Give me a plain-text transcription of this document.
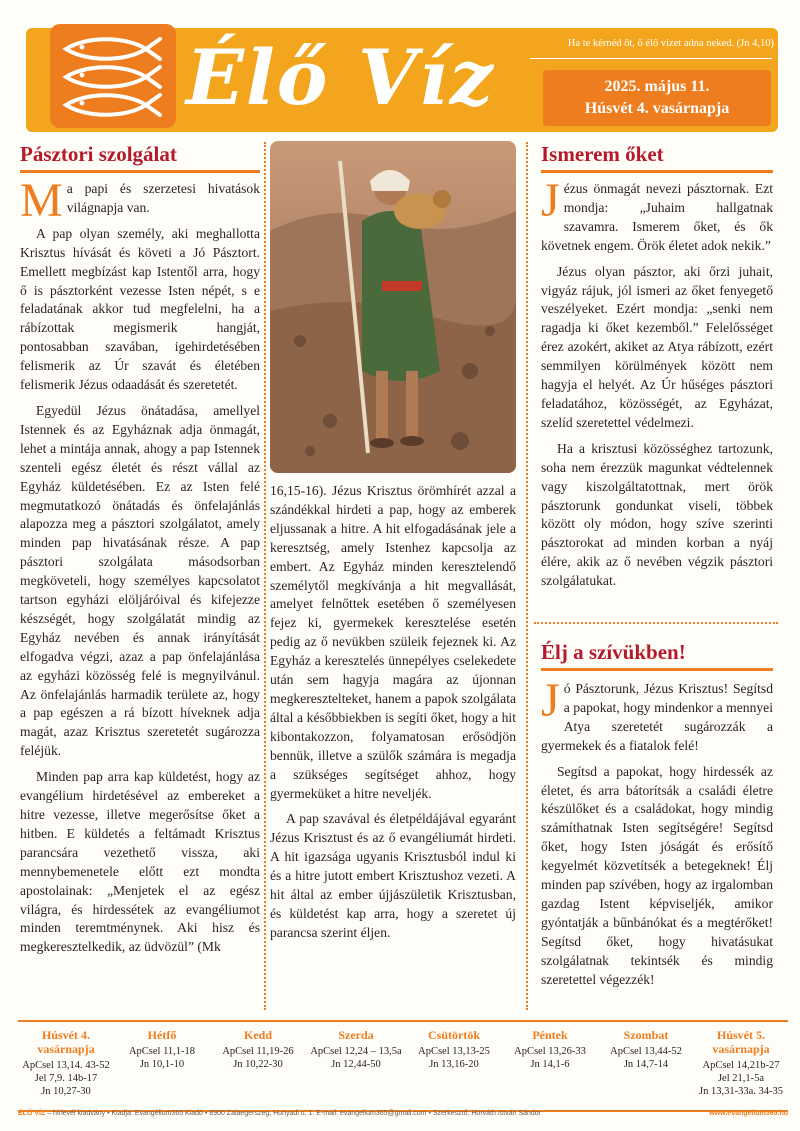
Élő Víz	Ha te kérnéd őt, ő élő vizet adna neked. (Jn 4,10)
2025. május 11.
Húsvét 4. vasárnapja
Pásztori szolgálat

Ma papi és szerzetesi hivatások világnapja van.

A pap olyan személy, aki meghallotta Krisztus hívását és követi a Jó Pásztort. Emellett megbízást kap Istentől arra, hogy ő is pásztorként vezesse Isten népét, s e feladatának akkor tud megfelelni, ha a rábízottak megismerik hangját, pontosabban szavában, igehirdetésében felismerik az Úr szavát és életében felismerik Jézus odaadását és szeretetét.

Egyedül Jézus önátadása, amellyel Istennek és az Egyháznak adja önmagát, lehet a mintája annak, ahogy a pap Istennek szenteli egész életét és részt vállal az Egyház küldetésében. Ez az Isten felé megmutatkozó önátadás és önfelajánlás alapozza meg a pásztori szolgálatot, amely minden pap hivatásának része. A pap pásztori szolgálata másodsorban megköveteli, hogy személyes kapcsolatot tartson egyházi elöljáróival és kifejezze készségét, hogy szolgálatát mindig az Egyház nevében és annak irányítását elfogadva végzi, azaz a pap önfelajánlása az egyházi közösség felé is megnyilvánul. Az önfelajánlás harmadik területe az, hogy a pap egészen a rá bízott híveknek adja magát, azaz Krisztus szeretetét sugározza feléjük.

Minden pap arra kap küldetést, hogy az evangélium hirdetésével az embereket a hitre vezesse, illetve megerősítse őket a hitben. E küldetés a feltámadt Krisztus parancsára vezethető vissza, aki mennybemenetele előtt ezt mondta apostolainak: „Menjetek el az egész világra, és hirdessétek az evangéliumot minden teremtménynek. Aki hisz és megkeresztelkedik, az üdvözül” (Mk

16,15-16). Jézus Krisztus örömhírét azzal a szándékkal hirdeti a pap, hogy az emberek eljussanak a hitre. A hit elfogadásának jele a keresztség, amely Istenhez kapcsolja az embert. Az Egyház minden keresztelendő személytől megkívánja a hit megvallását, amelyet felnőttek esetében ő személyesen fejez ki, gyermekek keresztelése esetén pedig az ő nevükben szüleik fejeznek ki. Az Egyház a keresztelés ünnepélyes cselekedete után sem hagyja magára az újonnan megkeresztelteket, hanem a papok szolgálata által a későbbiekben is segíti őket, hogy a hit kibontakozzon, folyamatosan erősödjön bennük, illetve a szülők számára is megadja a szükséges segítséget ahhoz, hogy gyermeküket a hitre neveljék.

A pap szavával és életpéldájával egyaránt Jézus Krisztust és az ő evangéliumát hirdeti. A hit igazsága ugyanis Krisztusból indul ki és a hitre jutott embert Krisztushoz vezeti. A hit által az ember újjászületik Krisztusban, és küldetést kap arra, hogy a szeretet új parancsa szerint éljen.

Ismerem őket

Jézus önmagát nevezi pásztornak. Ezt mondja: „Juhaim hallgatnak szavamra. Ismerem őket, és ők követnek engem. Örök életet adok nekik.”

Jézus olyan pásztor, aki őrzi juhait, vigyáz rájuk, jól ismeri az őket fenyegető veszélyeket. Ezért mondja: „senki nem ragadja ki őket kezemből.” Felelősséget érez azokért, akiket az Atya rábízott, ezért semmilyen körülmények között nem hagyja el helyét. Az Úr hűséges pásztori feladatához, közösségét, az Egyházat, szelíd szeretettel védelmezi.

Ha a krisztusi közösséghez tartozunk, soha nem érezzük magunkat védtelennek vagy kiszolgáltatottnak, mert örök pásztorunk gondunkat viseli, többek között oly módon, hogy szíve szerinti pásztorokat ad minden korban a nyáj élére, akik az ő nevében végzik pásztori szolgálatukat.

Élj a szívükben!

Jó Pásztorunk, Jézus Krisztus! Segítsd a papokat, hogy mindenkor a mennyei Atya szeretetét sugározzák a gyermekek és a fiatalok felé!

Segítsd a papokat, hogy hirdessék az életet, és arra bátorítsák a családi életre készülőket és a családokat, hogy mindig számíthatnak Isten segítségére! Segítsd őket, hogy Isten jóságát és erősítő kegyelmét közvetítsék a betegeknek! Élj minden pap szívében, hogy az irgalomban gazdag Istent képviseljék, amikor gyóntatják a bűnbánókat és a megtérőket! Segítsd őket, hogy hivatásukat szolgálatnak tekintsék és mindig szeretettel végezzék!

Húsvét 4. vasárnapja
ApCsel 13,14. 43-52
Jel 7,9. 14b-17
Jn 10,27-30
Hétfő
ApCsel 11,1-18
Jn 10,1-10
Kedd
ApCsel 11,19-26
Jn 10,22-30
Szerda
ApCsel 12,24 – 13,5a
Jn 12,44-50
Csütörtök
ApCsel 13,13-25
Jn 13,16-20
Péntek
ApCsel 13,26-33
Jn 14,1-6
Szombat
ApCsel 13,44-52
Jn 14,7-14
Húsvét 5. vasárnapja
ApCsel 14,21b-27
Jel 21,1-5a
Jn 13,31-33a. 34-35
ÉLŐ VÍZ – hírlevél kiadvány • Kiadja: Evangélium365 Kiadó • 8900 Zalaegerszeg, Hunyadi u. 1. E-mail: evangelium365@gmail.com • Szerkesztő: Horváth István Sándor	www.evangelium365.hu
